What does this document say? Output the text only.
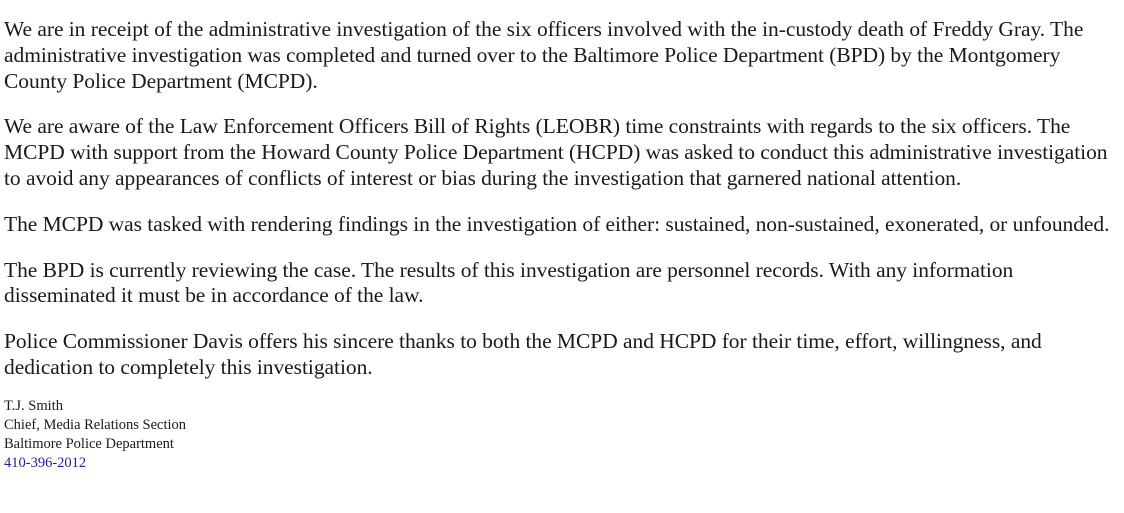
We are in receipt of the administrative investigation of the six officers involved with the in-custody death of Freddy Gray. The administrative investigation was completed and turned over to the Baltimore Police Department (BPD) by the Montgomery County Police Department (MCPD).

We are aware of the Law Enforcement Officers Bill of Rights (LEOBR) time constraints with regards to the six officers. The MCPD with support from the Howard County Police Department (HCPD) was asked to conduct this administrative investigation to avoid any appearances of conflicts of interest or bias during the investigation that garnered national attention.

The MCPD was tasked with rendering findings in the investigation of either: sustained, non-sustained, exonerated, or unfounded.

The BPD is currently reviewing the case. The results of this investigation are personnel records. With any information disseminated it must be in accordance of the law.

Police Commissioner Davis offers his sincere thanks to both the MCPD and HCPD for their time, effort, willingness, and dedication to completely this investigation.

T.J. Smith
Chief, Media Relations Section
Baltimore Police Department
410-396-2012
